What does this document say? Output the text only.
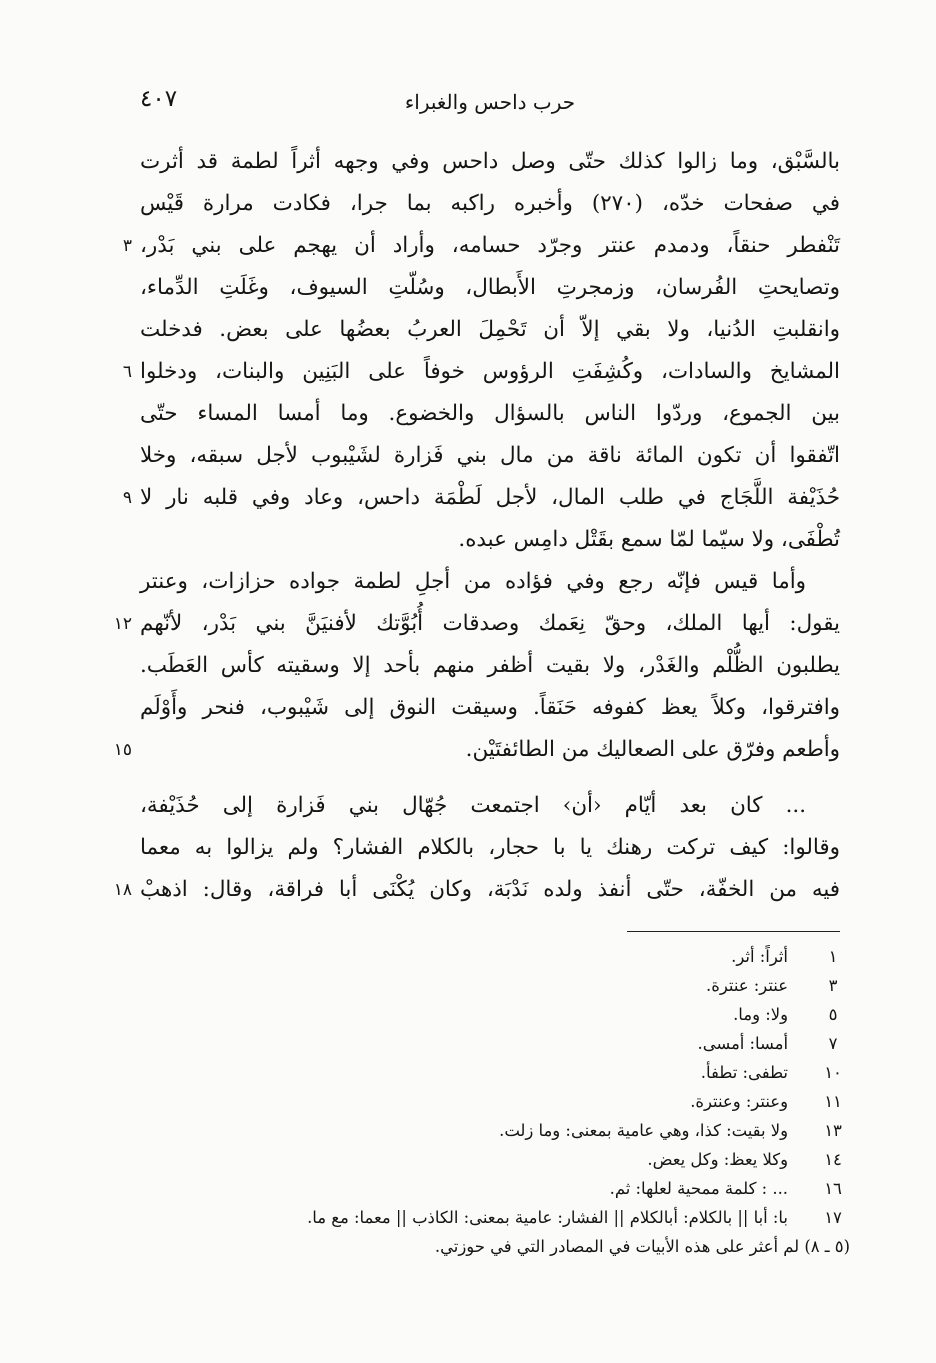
٤٠٧	حرب داحس والغبراء
بالسَّبْق، وما زالوا كذلك حتّى وصل داحس وفي وجهه أثراً لطمة قد أثرت
في صفحات خدّه، (٢٧٠) وأخبره راكبه بما جرا، فكادت مرارة قَيْس
تَنْفطر حنقاً، ودمدم عنتر وجرّد حسامه، وأراد أن يهجم على بني بَدْر،
٣
وتصايحتِ الفُرسان، وزمجرتِ الأَبطال، وسُلّتِ السيوف، وغَلَتِ الدِّماء،
وانقلبتِ الدُنيا، ولا بقي إلاّ أن تَحْمِلَ العربُ بعضُها على بعض. فدخلت
المشايخ والسادات، وكُشِفَتِ الرؤوس خوفاً على البَنِين والبنات، ودخلوا
٦
بين الجموع، وردّوا الناس بالسؤال والخضوع. وما أمسا المساء حتّى
اتّفقوا أن تكون المائة ناقة من مال بني فَزارة لشَيْبوب لأجل سبقه، وخلا
حُذَيْفة اللَّجَاج في طلب المال، لأجل لَطْمَة داحس، وعاد وفي قلبه نار لا
٩
تُطْفَى، ولا سيّما لمّا سمع بقَتْل دامِس عبده.
وأما قيس فإنّه رجع وفي فؤاده من أجلِ لطمة جواده حزازات، وعنتر
يقول: أيها الملك، وحقّ نِعَمك وصدقات أُبُوَّتك لأفنيَنَّ بني بَدْر، لأنّهم
١٢
يطلبون الظُّلْم والغَدْر، ولا بقيت أظفر منهم بأحد إلا وسقيته كأس العَطَب.
وافترقوا، وكلاً يعظ كفوفه حَنَقاً. وسيقت النوق إلى شَيْبوب، فنحر وأَوْلَم
وأطعم وفرّق على الصعاليك من الطائفتَيْن.
١٥
... كان بعد أيّام ‹أن› اجتمعت جُهّال بني فَزارة إلى حُذَيْفة،
وقالوا: كيف تركت رهنك يا با حجار، بالكلام الفشار؟ ولم يزالوا به معما
فيه من الخفّة، حتّى أنفذ ولده نَدْبَة، وكان يُكْنَى أبا فراقة، وقال: اذهبْ
١٨
١
أثراً: أثر.
٣
عنتر: عنترة.
٥
ولا: وما.
٧
أمسا: أمسى.
١٠
تطفى: تطفأ.
١١
وعنتر: وعنترة.
١٣
ولا بقيت: كذا، وهي عامية بمعنى: وما زلت.
١٤
وكلا يعظ: وكل يعض.
١٦
... : كلمة ممحية لعلها: ثم.
١٧
با: أبا || بالكلام: أبالكلام || الفشار: عامية بمعنى: الكاذب || معما: مع ما.
(٥ ـ ٨) لم أعثر على هذه الأبيات في المصادر التي في حوزتي.
